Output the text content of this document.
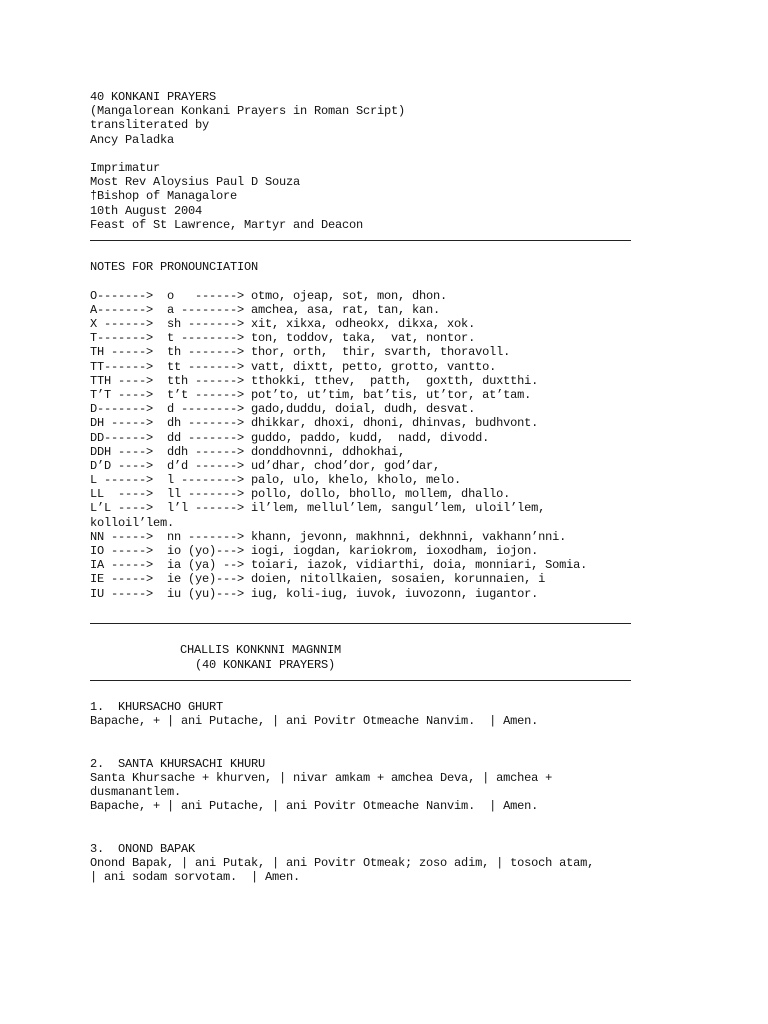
40 KONKANI PRAYERS
(Mangalorean Konkani Prayers in Roman Script)
transliterated by
Ancy Paladka
Imprimatur
Most Rev Aloysius Paul D Souza
†Bishop of Managalore
10th August 2004
Feast of St Lawrence, Martyr and Deacon
NOTES FOR PRONOUNCIATION
O------->  o   ------> otmo, ojeap, sot, mon, dhon.
A------->  a --------> amchea, asa, rat, tan, kan.
X ------>  sh -------> xit, xikxa, odheokx, dikxa, xok.
T------->  t --------> ton, toddov, taka,  vat, nontor.
TH ----->  th -------> thor, orth,  thir, svarth, thoravoll.
TT------>  tt -------> vatt, dixtt, petto, grotto, vantto.
TTH ---->  tth ------> tthokki, tthev,  patth,  goxtth, duxtthi.
T’T ---->  t’t ------> pot’to, ut’tim, bat’tis, ut’tor, at’tam.
D------->  d --------> gado,duddu, doial, dudh, desvat.
DH ----->  dh -------> dhikkar, dhoxi, dhoni, dhinvas, budhvont.
DD------>  dd -------> guddo, paddo, kudd,  nadd, divodd.
DDH ---->  ddh ------> donddhovnni, ddhokhai,
D’D ---->  d’d ------> ud’dhar, chod’dor, god’dar,
L ------>  l --------> palo, ulo, khelo, kholo, melo.
LL  ---->  ll -------> pollo, dollo, bhollo, mollem, dhallo.
L’L ---->  l’l ------> il’lem, mellul’lem, sangul’lem, uloil’lem,
kolloil’lem.
NN ----->  nn -------> khann, jevonn, makhnni, dekhnni, vakhann’nni.
IO ----->  io (yo)---> iogi, iogdan, kariokrom, ioxodham, iojon.
IA ----->  ia (ya) --> toiari, iazok, vidiarthi, doia, monniari, Somia.
IE ----->  ie (ye)---> doien, nitollkaien, sosaien, korunnaien, i
IU ----->  iu (yu)---> iug, koli-iug, iuvok, iuvozonn, iugantor.
CHALLIS KONKNNI MAGNNIM
(40 KONKANI PRAYERS)
1.  KHURSACHO GHURT
Bapache, + | ani Putache, | ani Povitr Otmeache Nanvim.  | Amen.
2.  SANTA KHURSACHI KHURU
Santa Khursache + khurven, | nivar amkam + amchea Deva, | amchea +
dusmanantlem.
Bapache, + | ani Putache, | ani Povitr Otmeache Nanvim.  | Amen.
3.  ONOND BAPAK
Onond Bapak, | ani Putak, | ani Povitr Otmeak; zoso adim, | tosoch atam,
| ani sodam sorvotam.  | Amen.
